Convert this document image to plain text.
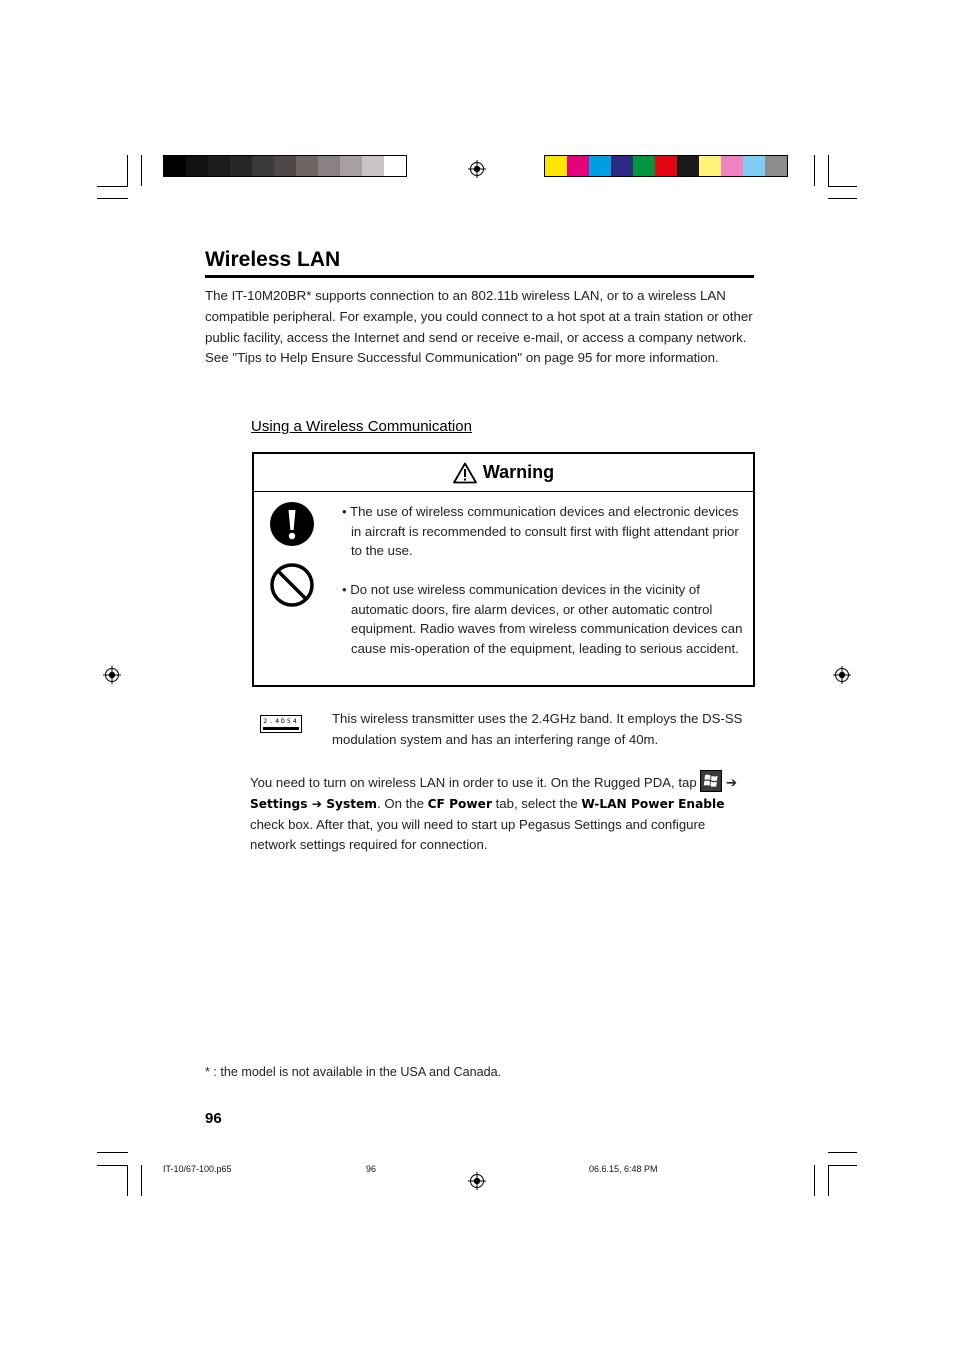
Wireless LAN
The IT-10M20BR* supports connection to an 802.11b wireless LAN, or to a wireless LAN compatible peripheral. For example, you could connect to a hot spot at a train station or other public facility, access the Internet and send or receive e-mail, or access a company network. See "Tips to Help Ensure Successful Communication" on page 95 for more information.
Using a Wireless Communication
Warning
• The use of wireless communication devices and electronic devices in aircraft is recommended to consult first with flight attendant prior to the use.
• Do not use wireless communication devices in the vicinity of automatic doors, fire alarm devices, or other automatic control equipment. Radio waves from wireless communication devices can cause mis-operation of the equipment, leading to serious accident.
2.4DS4	This wireless transmitter uses the 2.4GHz band. It employs the DS-SS modulation system and has an interfering range of 40m.
You need to turn on wireless LAN in order to use it. On the Rugged PDA, tap
➔
Settings ➔ System. On the CF Power tab, select the W-LAN Power Enable check box. After that, you will need to start up Pegasus Settings and configure network settings required for connection.
* : the model is not available in the USA and Canada.
96
IT-10/67-100.p65	96	06.6.15, 6:48 PM
